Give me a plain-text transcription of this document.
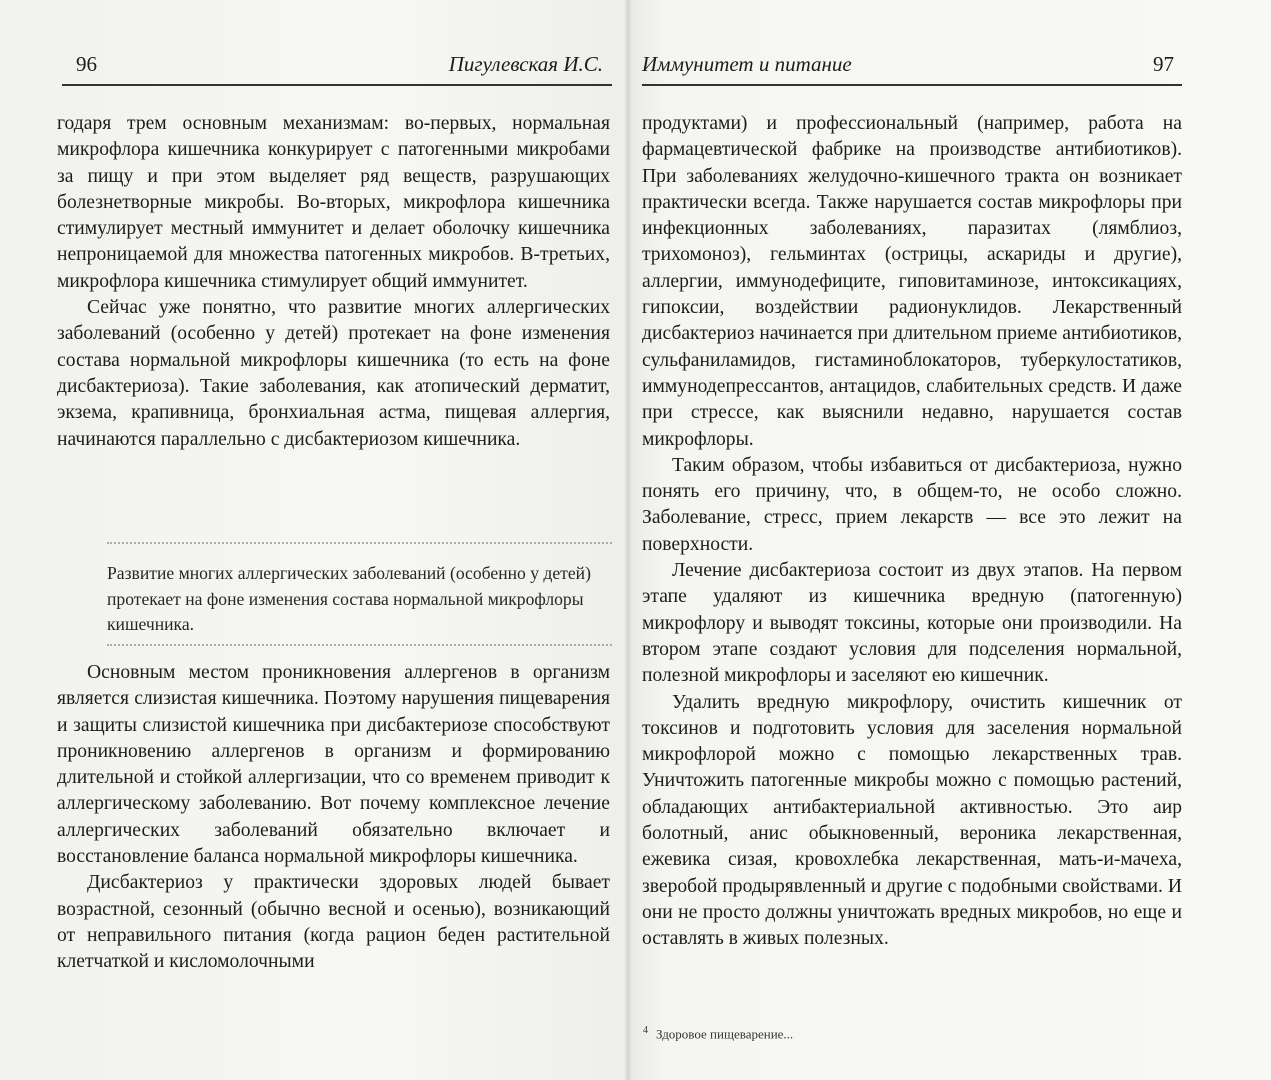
96	Пигулевская И.С. Иммунитет и питание	97

годаря трем основным механизмам: во-первых, нормальная микрофлора кишечника конкурирует с патогенными микробами за пищу и при этом выделяет ряд веществ, разрушающих болезнетворные микробы. Во-вторых, микрофлора кишечника стимулирует местный иммунитет и делает оболочку кишечника непроницаемой для множества патогенных микробов. В-третьих, микрофлора кишечника стимулирует общий иммунитет.

Сейчас уже понятно, что развитие многих аллергических заболеваний (особенно у детей) протекает на фоне изменения состава нормальной микрофлоры кишечника (то есть на фоне дисбактериоза). Такие заболевания, как атопический дерматит, экзема, крапивница, бронхиальная астма, пищевая аллергия, начинаются параллельно с дисбактериозом кишечника.

Развитие многих аллергических заболеваний (особенно у детей) протекает на фоне изменения состава нормальной микрофлоры кишечника.

Основным местом проникновения аллергенов в организм является слизистая кишечника. Поэтому нарушения пищеварения и защиты слизистой кишечника при дисбактериозе способствуют проникновению аллергенов в организм и формированию длительной и стойкой аллергизации, что со временем приводит к аллергическому заболеванию. Вот почему комплексное лечение аллергических заболеваний обязательно включает и восстановление баланса нормальной микрофлоры кишечника.

Дисбактериоз у практически здоровых людей бывает возрастной, сезонный (обычно весной и осенью), возникающий от неправильного питания (когда рацион беден растительной клетчаткой и кисломолочными

продуктами) и профессиональный (например, работа на фармацевтической фабрике на производстве антибиотиков). При заболеваниях желудочно-кишечного тракта он возникает практически всегда. Также нарушается состав микрофлоры при инфекционных заболеваниях, паразитах (лямблиоз, трихомоноз), гельминтах (острицы, аскариды и другие), аллергии, иммунодефиците, гиповитаминозе, интоксикациях, гипоксии, воздействии радионуклидов. Лекарственный дисбактериоз начинается при длительном приеме антибиотиков, сульфаниламидов, гистаминоблокаторов, туберкулостатиков, иммунодепрессантов, антацидов, слабительных средств. И даже при стрессе, как выяснили недавно, нарушается состав микрофлоры.

Таким образом, чтобы избавиться от дисбактериоза, нужно понять его причину, что, в общем-то, не особо сложно. Заболевание, стресс, прием лекарств — все это лежит на поверхности.

Лечение дисбактериоза состоит из двух этапов. На первом этапе удаляют из кишечника вредную (патогенную) микрофлору и выводят токсины, которые они производили. На втором этапе создают условия для подселения нормальной, полезной микрофлоры и заселяют ею кишечник.

Удалить вредную микрофлору, очистить кишечник от токсинов и подготовить условия для заселения нормальной микрофлорой можно с помощью лекарственных трав. Уничтожить патогенные микробы можно с помощью растений, обладающих антибактериальной активностью. Это аир болотный, анис обыкновенный, вероника лекарственная, ежевика сизая, кровохлебка лекарственная, мать-и-мачеха, зверобой продырявленный и другие с подобными свойствами. И они не просто должны уничтожать вредных микробов, но еще и оставлять в живых полезных.

$^4$ Здоровое пищеварение...
